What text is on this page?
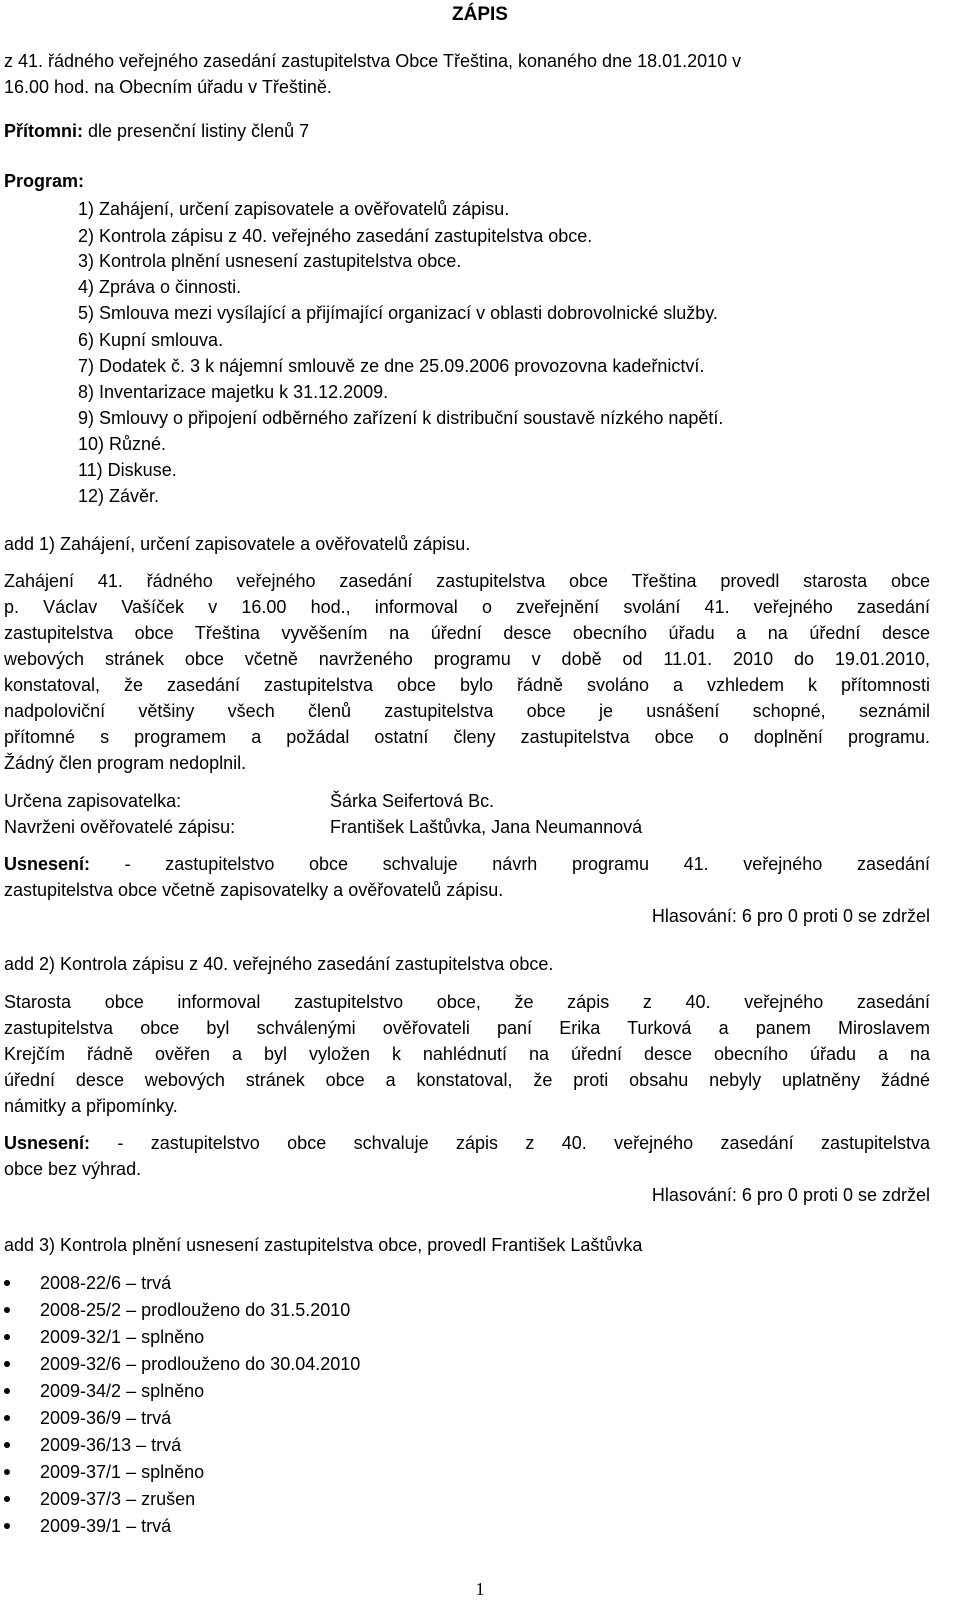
ZÁPIS
z 41. řádného veřejného zasedání zastupitelstva Obce Třeština, konaného dne 18.01.2010 v
16.00 hod. na Obecním úřadu v Třeštině.
Přítomni: dle presenční listiny členů 7
Program:
1) Zahájení, určení zapisovatele a ověřovatelů zápisu.
2) Kontrola zápisu z 40. veřejného zasedání zastupitelstva obce.
3) Kontrola plnění usnesení zastupitelstva obce.
4) Zpráva o činnosti.
5) Smlouva mezi vysílající a přijímající organizací v oblasti dobrovolnické služby.
6) Kupní smlouva.
7) Dodatek č. 3 k nájemní smlouvě ze dne 25.09.2006 provozovna kadeřnictví.
8) Inventarizace majetku k 31.12.2009.
9) Smlouvy o připojení odběrného zařízení k distribuční soustavě nízkého napětí.
10) Různé.
11) Diskuse.
12) Závěr.
add 1) Zahájení, určení zapisovatele a ověřovatelů zápisu.
Zahájení 41. řádného veřejného zasedání zastupitelstva obce Třeština provedl starosta obce
p. Václav Vašíček v 16.00 hod., informoval o zveřejnění svolání 41. veřejného zasedání
zastupitelstva obce Třeština vyvěšením na úřední desce obecního úřadu a na úřední desce
webových stránek obce včetně navrženého programu v době od 11.01. 2010 do 19.01.2010,
konstatoval, že zasedání zastupitelstva obce bylo řádně svoláno a vzhledem k přítomnosti
nadpoloviční většiny všech členů zastupitelstva obce je usnášení schopné, seznámil
přítomné s programem a požádal ostatní členy zastupitelstva obce o doplnění programu.
Žádný člen program nedoplnil.
Určena zapisovatelka:	Šárka Seifertová Bc.
Navrženi ověřovatelé zápisu:	František Laštůvka, Jana Neumannová
Usnesení: - zastupitelstvo obce schvaluje návrh programu 41. veřejného zasedání
zastupitelstva obce včetně zapisovatelky a ověřovatelů zápisu.
Hlasování: 6 pro 0 proti 0 se zdržel
add 2) Kontrola zápisu z 40. veřejného zasedání zastupitelstva obce.
Starosta obce informoval zastupitelstvo obce, že zápis z 40. veřejného zasedání
zastupitelstva obce byl schválenými ověřovateli paní Erika Turková a panem Miroslavem
Krejčím řádně ověřen a byl vyložen k nahlédnutí na úřední desce obecního úřadu a na
úřední desce webových stránek obce a konstatoval, že proti obsahu nebyly uplatněny žádné
námitky a připomínky.
Usnesení: - zastupitelstvo obce schvaluje zápis z 40. veřejného zasedání zastupitelstva
obce bez výhrad.
Hlasování: 6 pro 0 proti 0 se zdržel
add 3) Kontrola plnění usnesení zastupitelstva obce, provedl František Laštůvka
2008-22/6 – trvá
2008-25/2 – prodlouženo do 31.5.2010
2009-32/1 – splněno
2009-32/6 – prodlouženo do 30.04.2010
2009-34/2 – splněno
2009-36/9 – trvá
2009-36/13 – trvá
2009-37/1 – splněno
2009-37/3 – zrušen
2009-39/1 – trvá
1
